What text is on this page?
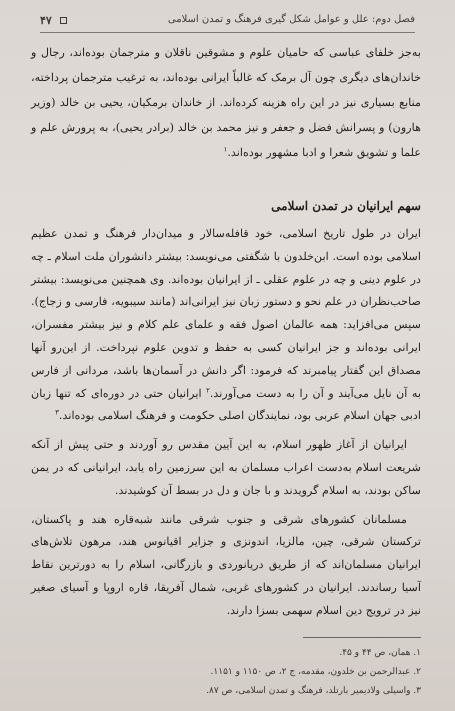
۴۷	فصل دوم: علل و عوامل شکل گیری فرهنگ و تمدن اسلامی

به‌جز خلفای عباسی که حامیان علوم و مشوقین ناقلان و مترجمان بوده‌اند، رجال و خاندان‌های دیگری چون آل برمک که غالباً ایرانی بوده‌اند، به ترغیب مترجمان پرداخته، منابع بسیاری نیز در این راه هزینه کرده‌اند. از خاندان برمکیان، یحیی بن خالد (وزیر هارون) و پسرانش فضل و جعفر و نیز محمد بن خالد (برادر یحیی)، به پرورش علم و علما و تشویق شعرا و ادبا مشهور بوده‌اند.$^۱$

سهم ایرانیان در تمدن اسلامی

ایران در طول تاریخ اسلامی، خود قافله‌سالار و میدان‌دار فرهنگ و تمدن عظیم اسلامی بوده است. ابن‌خلدون با شگفتی می‌نویسد: بیشتر دانشوران ملت اسلام ـ چه در علوم دینی و چه در علوم عقلی ـ از ایرانیان بوده‌اند. وی همچنین می‌نویسد: بیشتر صاحب‌نظران در علم نحو و دستور زبان نیز ایرانی‌اند (مانند سیبویه، فارسی و زجاج). سپس می‌افزاید: همه عالمان اصول فقه و علمای علم کلام و نیز بیشتر مفسران، ایرانی بوده‌اند و جز ایرانیان کسی به حفظ و تدوین علوم نپرداخت. از این‌رو آنها مصداق این گفتار پیامبرند که فرمود: اگر دانش در آسمان‌ها باشد، مردانی از فارس به آن نایل می‌آیند و آن را به دست می‌آورند.$^۲$ ایرانیان حتی در دوره‌ای که تنها زبان ادبی جهان اسلام عربی بود، نمایندگان اصلی حکومت و فرهنگ اسلامی بوده‌اند.$^۳$

ایرانیان از آغاز ظهور اسلام، به این آیین مقدس رو آوردند و حتی پیش از آنکه شریعت اسلام به‌دست اعراب مسلمان به این سرزمین راه یابد، ایرانیانی که در یمن ساکن بودند، به اسلام گرویدند و با جان و دل در بسط آن کوشیدند.

مسلمانان کشورهای شرقی و جنوب شرقی مانند شبه‌قاره هند و پاکستان، ترکستان شرقی، چین، مالزیا، اندونزی و جزایر اقیانوس هند، مرهون تلاش‌های ایرانیان مسلمان‌اند که از طریق دریانوردی و بازرگانی، اسلام را به دورترین نقاط آسیا رساندند. ایرانیان در کشورهای غربی، شمال آفریقا، قاره اروپا و آسیای صغیر نیز در ترویج دین اسلام سهمی بسزا دارند.

۱. همان، ص ۴۴ و ۴۵.
۲. عبدالرحمن بن خلدون، مقدمه، ج ۲، ص ۱۱۵۰ و ۱۱۵۱.
۳. واسیلی ولادیمیر بارتلد، فرهنگ و تمدن اسلامی، ص ۸۷.
